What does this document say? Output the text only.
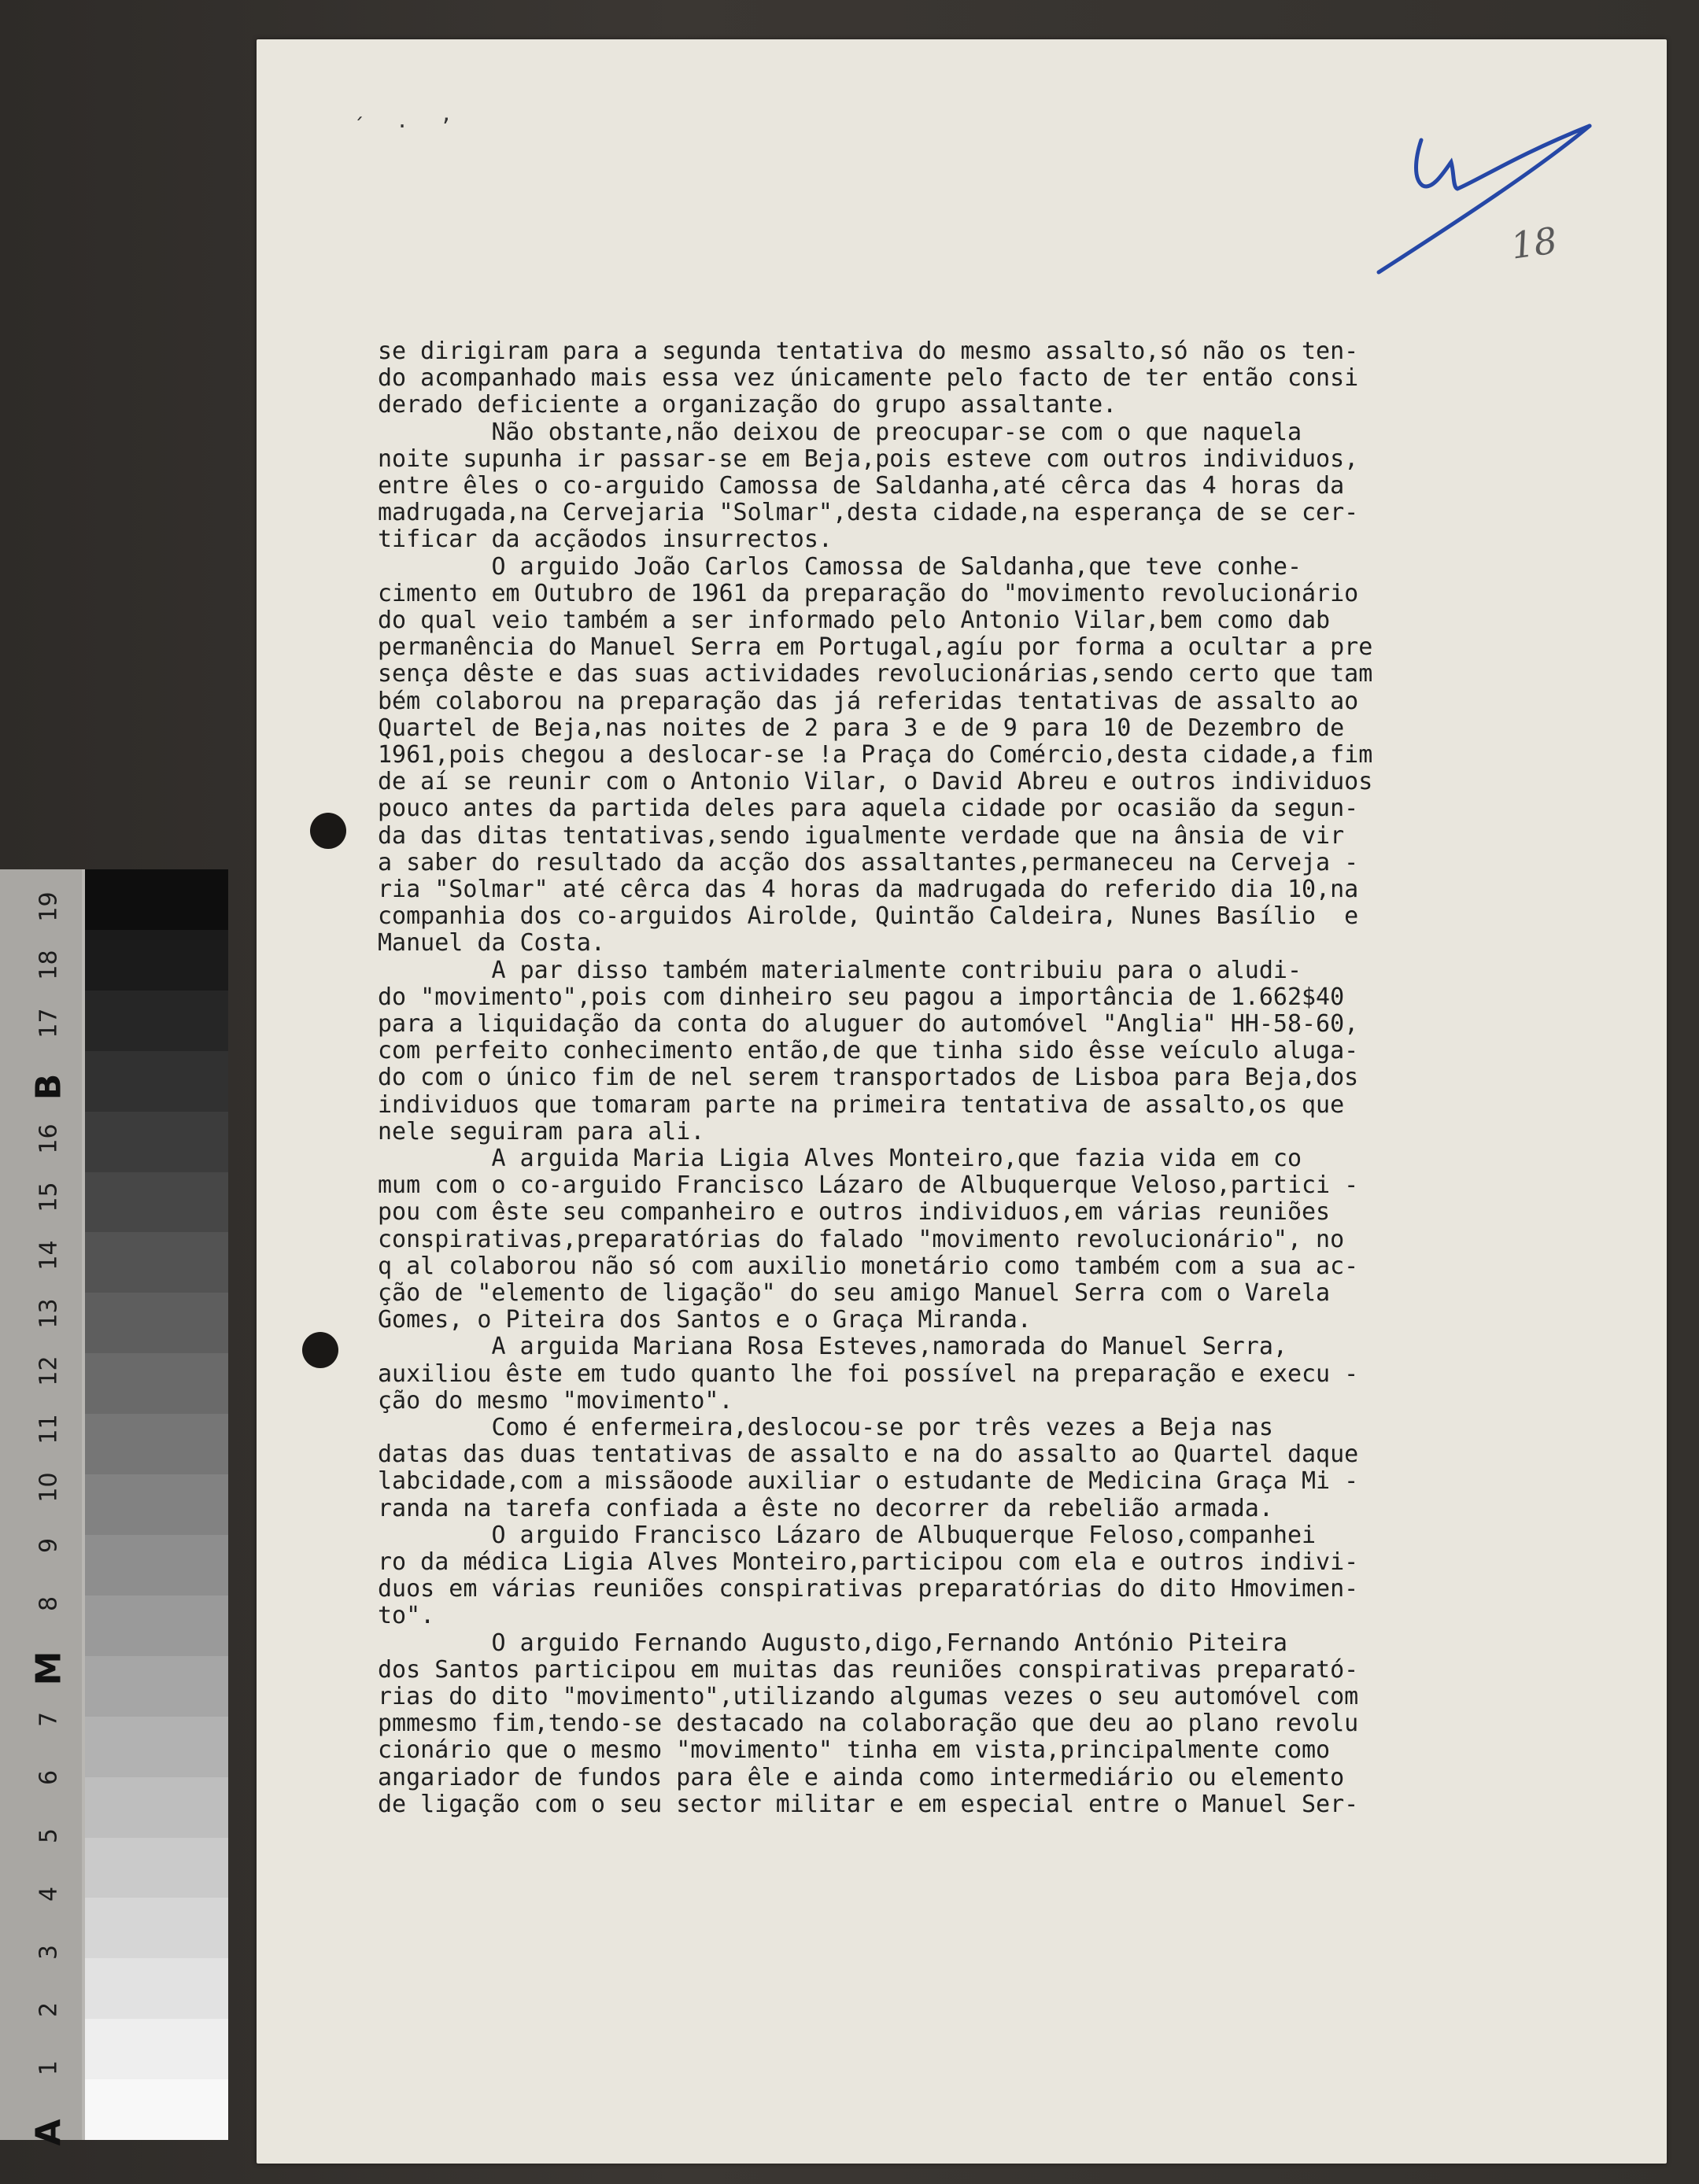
´ · ’
18
se dirigiram para a segunda tentativa do mesmo assalto,só não os ten-
do acompanhado mais essa vez únicamente pelo facto de ter então consi
derado deficiente a organização do grupo assaltante.
Não obstante,não deixou de preocupar-se com o que naquela
noite supunha ir passar-se em Beja,pois esteve com outros individuos,
entre êles o co-arguido Camossa de Saldanha,até cêrca das 4 horas da
madrugada,na Cervejaria "Solmar",desta cidade,na esperança de se cer-
tificar da acçãodos insurrectos.
O arguido João Carlos Camossa de Saldanha,que teve conhe-
cimento em Outubro de 1961 da preparação do "movimento revolucionário
do qual veio também a ser informado pelo Antonio Vilar,bem como dab
permanência do Manuel Serra em Portugal,agíu por forma a ocultar a pre
sença dêste e das suas actividades revolucionárias,sendo certo que tam
bém colaborou na preparação das já referidas tentativas de assalto ao
Quartel de Beja,nas noites de 2 para 3 e de 9 para 10 de Dezembro de
1961,pois chegou a deslocar-se !a Praça do Comércio,desta cidade,a fim
de aí se reunir com o Antonio Vilar, o David Abreu e outros individuos
pouco antes da partida deles para aquela cidade por ocasião da segun-
da das ditas tentativas,sendo igualmente verdade que na ânsia de vir
a saber do resultado da acção dos assaltantes,permaneceu na Cerveja -
ria "Solmar" até cêrca das 4 horas da madrugada do referido dia 10,na
companhia dos co-arguidos Airolde, Quintão Caldeira, Nunes Basílio  e
Manuel da Costa.
A par disso também materialmente contribuiu para o aludi-
do "movimento",pois com dinheiro seu pagou a importância de 1.662$40
para a liquidação da conta do aluguer do automóvel "Anglia" HH-58-60,
com perfeito conhecimento então,de que tinha sido êsse veículo aluga-
do com o único fim de nel serem transportados de Lisboa para Beja,dos
individuos que tomaram parte na primeira tentativa de assalto,os que
nele seguiram para ali.
A arguida Maria Ligia Alves Monteiro,que fazia vida em co
mum com o co-arguido Francisco Lázaro de Albuquerque Veloso,partici -
pou com êste seu companheiro e outros individuos,em várias reuniões
conspirativas,preparatórias do falado "movimento revolucionário", no
q al colaborou não só com auxilio monetário como também com a sua ac-
ção de "elemento de ligação" do seu amigo Manuel Serra com o Varela
Gomes, o Piteira dos Santos e o Graça Miranda.
A arguida Mariana Rosa Esteves,namorada do Manuel Serra,
auxiliou êste em tudo quanto lhe foi possível na preparação e execu -
ção do mesmo "movimento".
Como é enfermeira,deslocou-se por três vezes a Beja nas
datas das duas tentativas de assalto e na do assalto ao Quartel daque
labcidade,com a missãoode auxiliar o estudante de Medicina Graça Mi -
randa na tarefa confiada a êste no decorrer da rebelião armada.
O arguido Francisco Lázaro de Albuquerque Feloso,companhei
ro da médica Ligia Alves Monteiro,participou com ela e outros indivi-
duos em várias reuniões conspirativas preparatórias do dito Hmovimen-
to".
O arguido Fernando Augusto,digo,Fernando António Piteira
dos Santos participou em muitas das reuniões conspirativas preparató-
rias do dito "movimento",utilizando algumas vezes o seu automóvel com
pmmesmo fim,tendo-se destacado na colaboração que deu ao plano revolu
cionário que o mesmo "movimento" tinha em vista,principalmente como
angariador de fundos para êle e ainda como intermediário ou elemento
de ligação com o seu sector militar e em especial entre o Manuel Ser-
19
18
17
B
16
15
14
13
12
11
10
9
8
M
7
6
5
4
3
2
1
A
